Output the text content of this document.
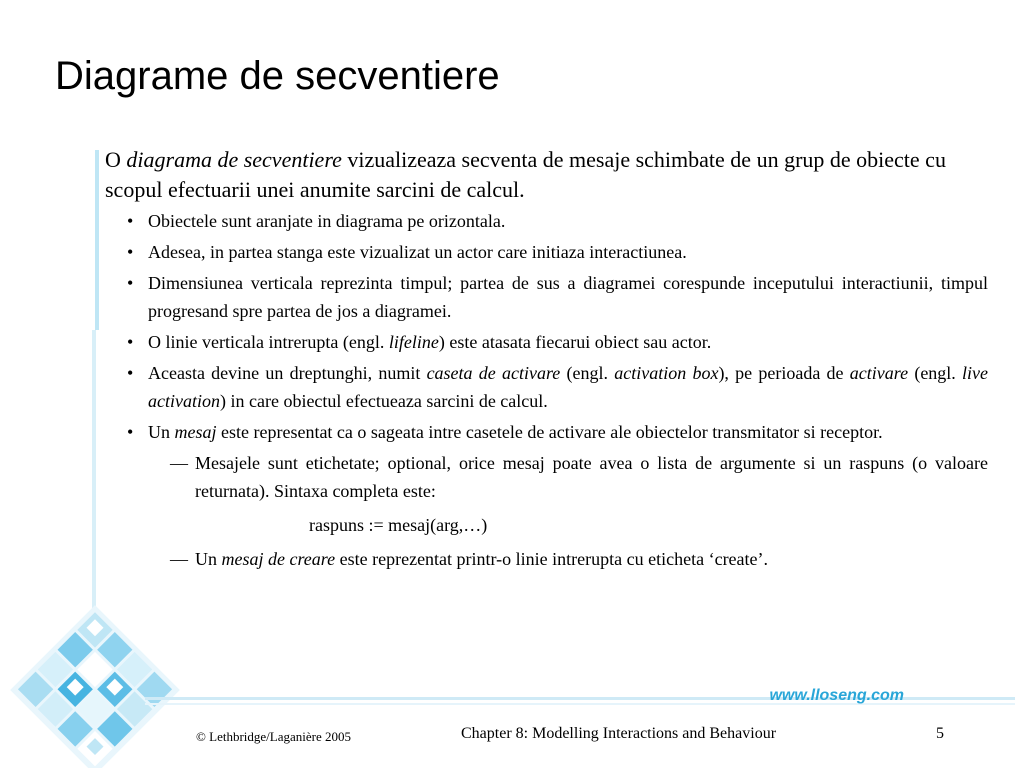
Diagrame de secventiere

O diagrama de secventiere vizualizeaza secventa de mesaje schimbate de un grup de obiecte cu scopul efectuarii unei anumite sarcini de calcul.

• Obiectele sunt aranjate in diagrama pe orizontala.
• Adesea, in partea stanga este vizualizat un actor care initiaza interactiunea.
• Dimensiunea verticala reprezinta timpul; partea de sus a diagramei corespunde inceputului interactiunii, timpul progresand spre partea de jos a diagramei.
• O linie verticala intrerupta (engl. lifeline) este atasata fiecarui obiect sau actor.
• Aceasta devine un dreptunghi, numit caseta de activare (engl. activation box), pe perioada de activare (engl. live activation) in care obiectul efectueaza sarcini de calcul.
• Un mesaj este representat ca o sageata intre casetele de activare ale obiectelor transmitator si receptor.
— Mesajele sunt etichetate; optional, orice mesaj poate avea o lista de argumente si un raspuns (o valoare returnata). Sintaxa completa este:
raspuns := mesaj(arg,…)
— Un mesaj de creare este reprezentat printr-o linie intrerupta cu eticheta ‘create’.
www.lloseng.com
© Lethbridge/Laganière 2005	Chapter 8: Modelling Interactions and Behaviour	5
